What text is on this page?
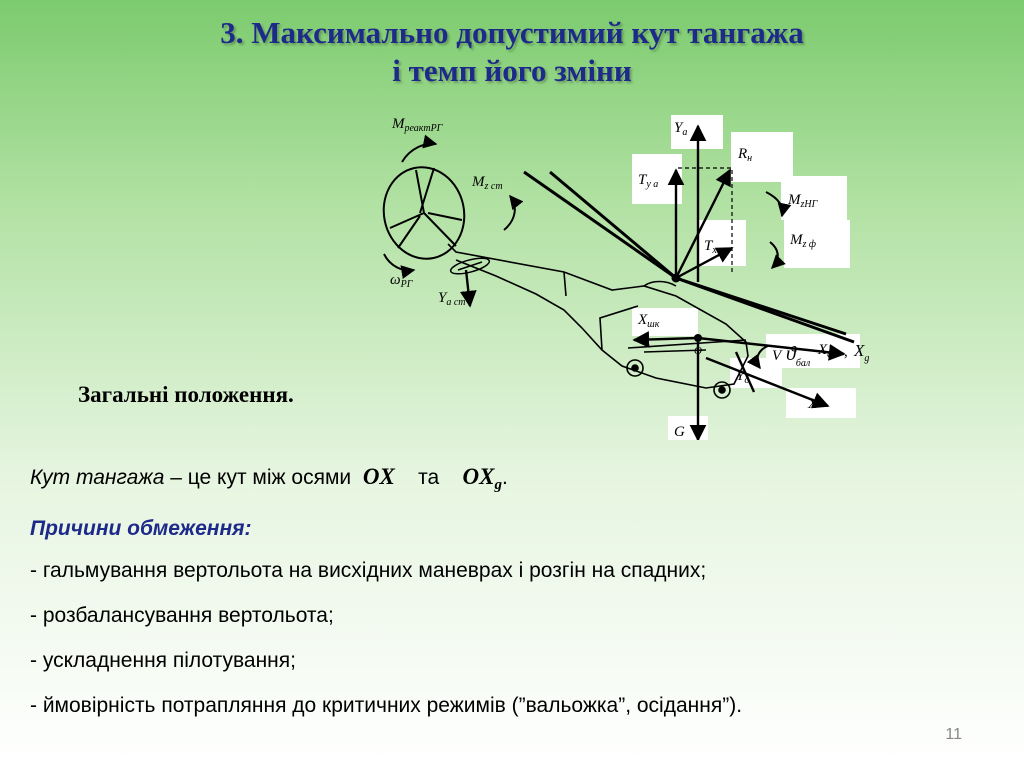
3. Максимально допустимий кут тангажа
і темп його зміни
$M_{реактРГ}$
$M_{z ст}$
$\omega_{РГ}$
$Y_{a ст}$
$Y_a$
$T_{y a}$
$R_н$
$M_{zНГ}$
$T_{x a}$
$M_{z ф}$
$X_{шк}$
O	V $ϑ_{бал}$
$X_a$ , $X_g$
$Y_ô$
X
G
Загальні положення.
Кут тангажа – це кут між осями  OX та $OX_g$.
Причини обмеження:
- гальмування вертольота на висхідних маневрах і розгін на спадних;
- розбалансування вертольота;
- ускладнення пілотування;
- ймовірність потрапляння до критичних режимів (”вальожка”, осідання”).
11
